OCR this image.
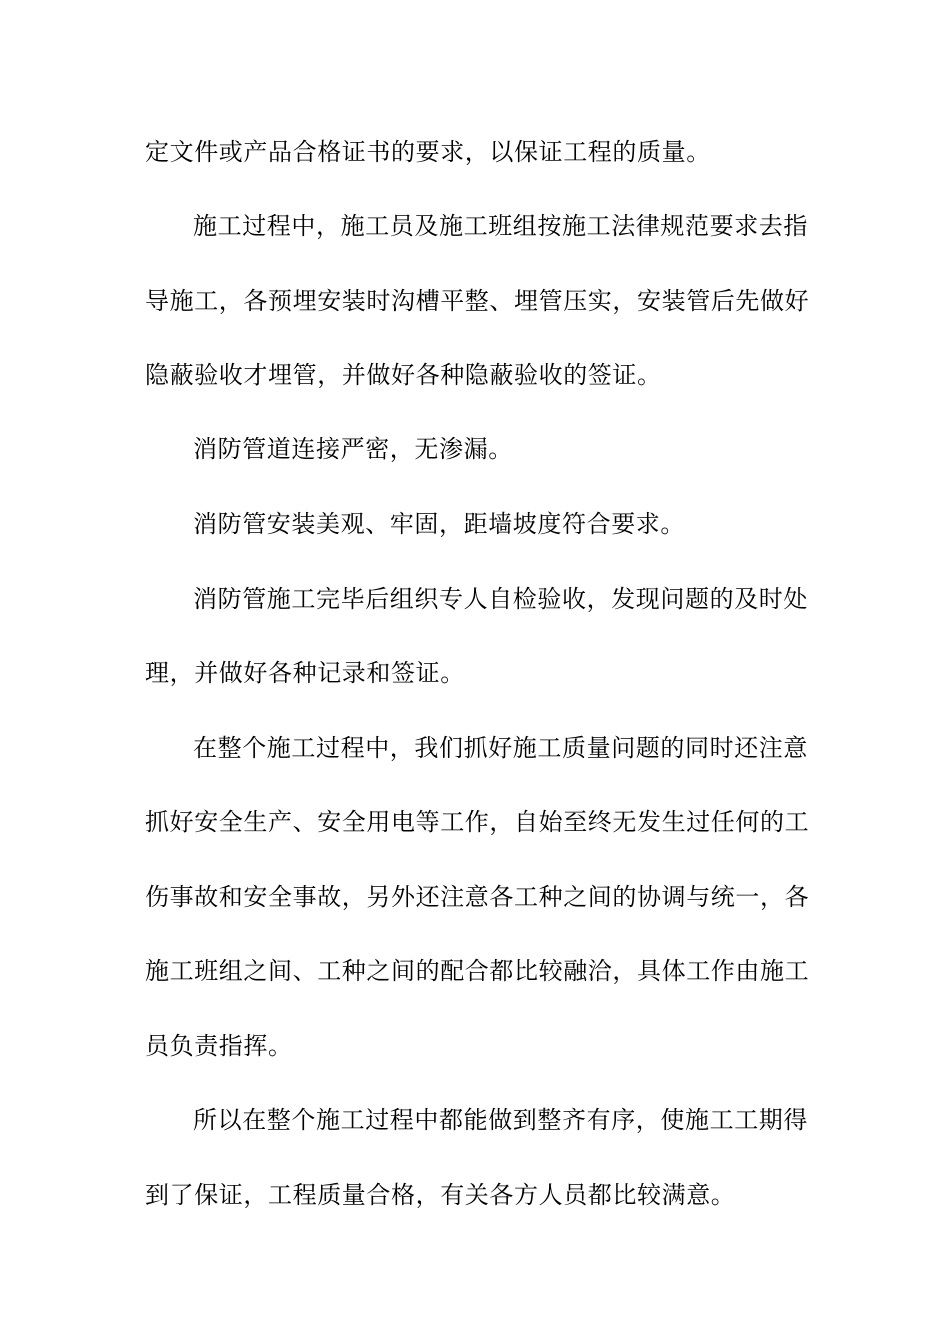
定文件或产品合格证书的要求，以保证工程的质量。
施工过程中，施工员及施工班组按施工法律规范要求去指
导施工，各预埋安装时沟槽平整、埋管压实，安装管后先做好
隐蔽验收才埋管，并做好各种隐蔽验收的签证。
消防管道连接严密，无渗漏。
消防管安装美观、牢固，距墙坡度符合要求。
消防管施工完毕后组织专人自检验收，发现问题的及时处
理，并做好各种记录和签证。
在整个施工过程中，我们抓好施工质量问题的同时还注意
抓好安全生产、安全用电等工作，自始至终无发生过任何的工
伤事故和安全事故，另外还注意各工种之间的协调与统一，各
施工班组之间、工种之间的配合都比较融洽，具体工作由施工
员负责指挥。
所以在整个施工过程中都能做到整齐有序，使施工工期得
到了保证，工程质量合格，有关各方人员都比较满意。
